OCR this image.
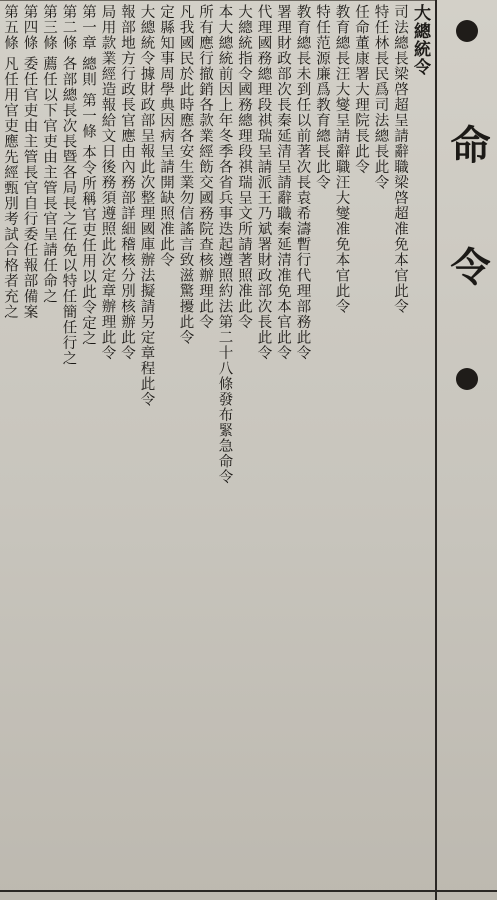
命
令
大總統令
司法總長梁啓超呈請辭職梁啓超准免本官此令
特任林長民爲司法總長此令
任命董康署大理院長此令
教育總長汪大燮呈請辭職汪大燮准免本官此令
特任范源廉爲教育總長此令
教育總長未到任以前著次長袁希濤暫行代理部務此令
署理財政部次長秦延清呈請辭職秦延清准免本官此令
代理國務總理段祺瑞呈請派王乃斌署財政部次長此令
大總統指令國務總理段祺瑞呈文所請著照准此令
本大總統前因上年冬季各省兵事迭起遵照約法第二十八條發布緊急命令
所有應行撤銷各款業經飭交國務院查核辦理此令
凡我國民於此時應各安生業勿信謠言致滋驚擾此令
定縣知事周學典因病呈請開缺照准此令
大總統令據財政部呈報此次整理國庫辦法擬請另定章程此令
報部地方行政長官應由內務部詳細稽核分別核辦此令
局用款業經造報給文日後務須遵照此次定章辦理此令
第一章 總則 第一條 本令所稱官吏任用以此令定之
第二條 各部總長次長暨各局長之任免以特任簡任行之
第三條 薦任以下官吏由主管長官呈請任命之
第四條 委任官吏由主管長官自行委任報部備案
第五條 凡任用官吏應先經甄別考試合格者充之
